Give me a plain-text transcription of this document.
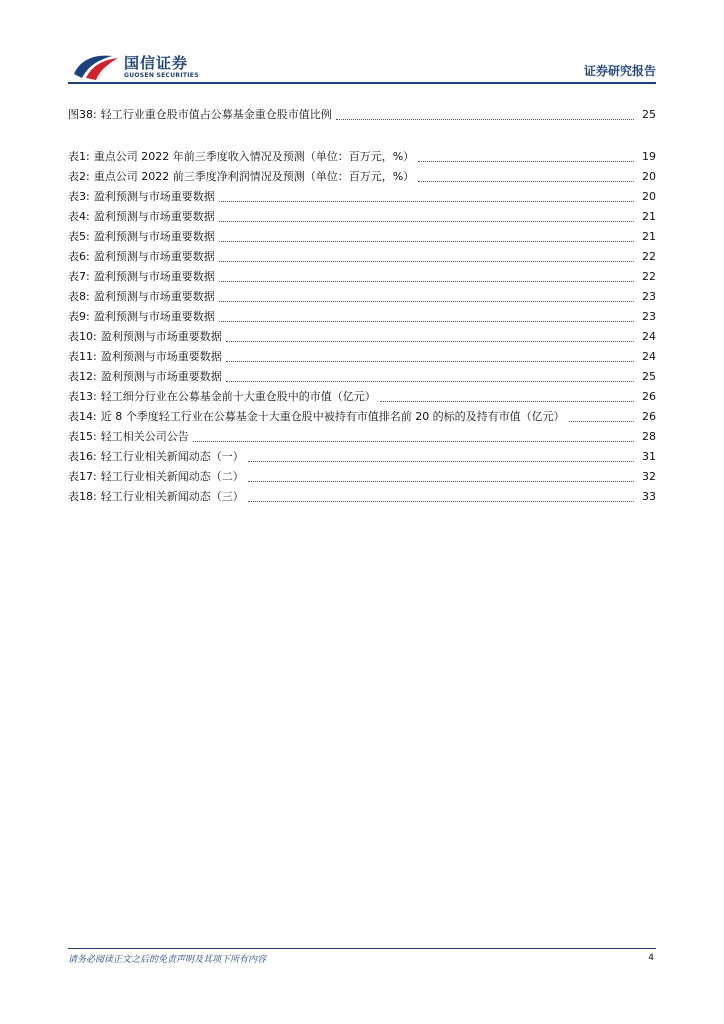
国信证券
GUOSEN SECURITIES	证券研究报告
图38: 轻工行业重仓股市值占公募基金重仓股市值比例	25
表1: 重点公司 2022 年前三季度收入情况及预测（单位：百万元，%）	19
表2: 重点公司 2022 前三季度净利润情况及预测（单位：百万元，%）	20
表3: 盈利预测与市场重要数据	20
表4: 盈利预测与市场重要数据	21
表5: 盈利预测与市场重要数据	21
表6: 盈利预测与市场重要数据	22
表7: 盈利预测与市场重要数据	22
表8: 盈利预测与市场重要数据	23
表9: 盈利预测与市场重要数据	23
表10: 盈利预测与市场重要数据	24
表11: 盈利预测与市场重要数据	24
表12: 盈利预测与市场重要数据	25
表13: 轻工细分行业在公募基金前十大重仓股中的市值（亿元）	26
表14: 近 8 个季度轻工行业在公募基金十大重仓股中被持有市值排名前 20 的标的及持有市值（亿元）	26
表15: 轻工相关公司公告	28
表16: 轻工行业相关新闻动态（一）	31
表17: 轻工行业相关新闻动态（二）	32
表18: 轻工行业相关新闻动态（三）	33
请务必阅读正文之后的免责声明及其项下所有内容	4
